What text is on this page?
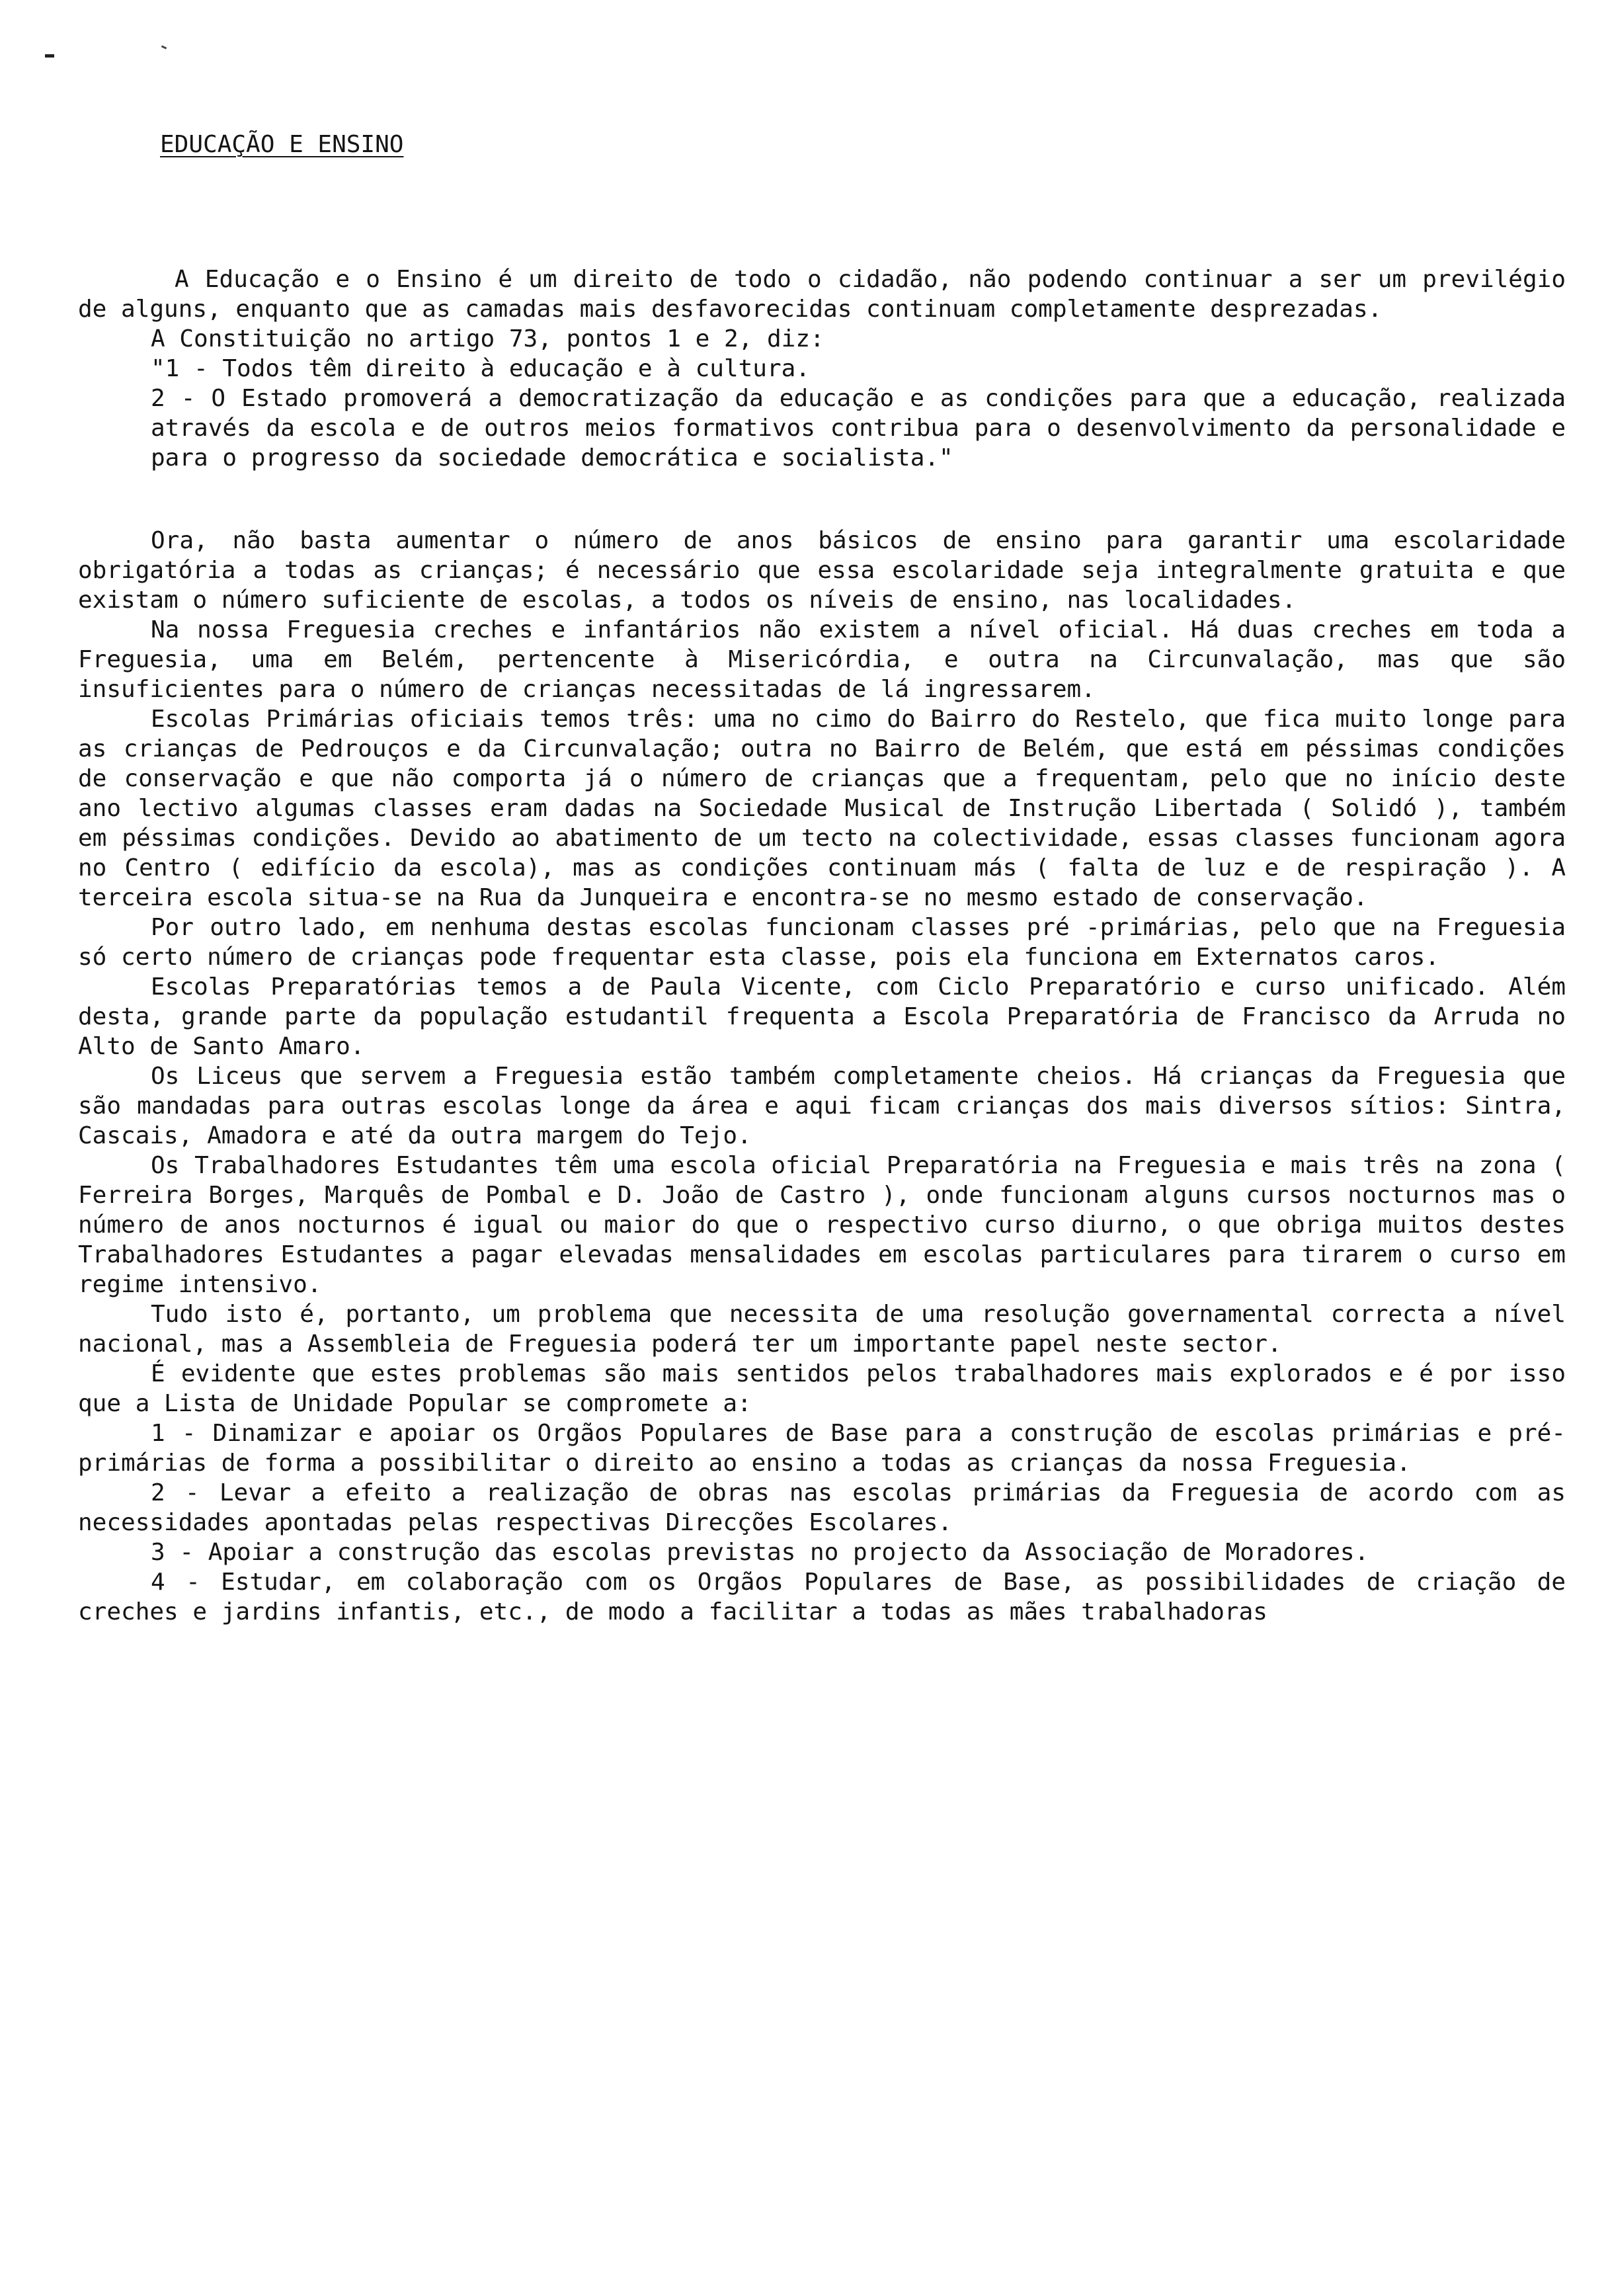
EDUCAÇÃO E ENSINO

A Educação e o Ensino é um direito de todo o cidadão, não podendo continuar a ser um previlégio de alguns, enquanto que as camadas mais desfavorecidas continuam completamente desprezadas.

A Constituição no artigo 73, pontos 1 e 2, diz:

"1 - Todos têm direito à educação e à cultura.

2 - O Estado promoverá a democratização da educação e as condições para que a educação, realizada através da escola e de outros meios formativos contribua para o desenvolvimento da personalidade e para o progresso da sociedade democrática e socialista."

Ora, não basta aumentar o número de anos básicos de ensino para garantir uma escolaridade obrigatória a todas as crianças; é necessário que essa escolaridade seja integralmente gratuita e que existam o número suficiente de escolas, a todos os níveis de ensino, nas localidades.

Na nossa Freguesia creches e infantários não existem a nível oficial. Há duas creches em toda a Freguesia, uma em Belém, pertencente à Misericórdia, e outra na Circunvalação, mas que são insuficientes para o número de crianças necessitadas de lá ingressarem.

Escolas Primárias oficiais temos três: uma no cimo do Bairro do Restelo, que fica muito longe para as crianças de Pedrouços e da Circunvalação; outra no Bairro de Belém, que está em péssimas condições de conservação e que não comporta já o número de crianças que a frequentam, pelo que no início deste ano lectivo algumas classes eram dadas na Sociedade Musical de Instrução Libertada ( Solidó ), também em péssimas condições. Devido ao abatimento de um tecto na colectividade, essas classes funcionam agora no Centro ( edifício da escola), mas as condições continuam más ( falta de luz e de respiração ). A terceira escola situa-se na Rua da Junqueira e encontra-se no mesmo estado de conservação.

Por outro lado, em nenhuma destas escolas funcionam classes pré -primárias, pelo que na Freguesia só certo número de crianças pode frequentar esta classe, pois ela funciona em Externatos caros.

Escolas Preparatórias temos a de Paula Vicente, com Ciclo Preparatório e curso unificado. Além desta, grande parte da população estudantil frequenta a Escola Preparatória de Francisco da Arruda no Alto de Santo Amaro.

Os Liceus que servem a Freguesia estão também completamente cheios. Há crianças da Freguesia que são mandadas para outras escolas longe da área e aqui ficam crianças dos mais diversos sítios: Sintra, Cascais, Amadora e até da outra margem do Tejo.

Os Trabalhadores Estudantes têm uma escola oficial Preparatória na Freguesia e mais três na zona ( Ferreira Borges, Marquês de Pombal e D. João de Castro ), onde funcionam alguns cursos nocturnos mas o número de anos nocturnos é igual ou maior do que o respectivo curso diurno, o que obriga muitos destes Trabalhadores Estudantes a pagar elevadas mensalidades em escolas particulares para tirarem o curso em regime intensivo.

Tudo isto é, portanto, um problema que necessita de uma resolução governamental correcta a nível nacional, mas a Assembleia de Freguesia poderá ter um importante papel neste sector.

É evidente que estes problemas são mais sentidos pelos trabalhadores mais explorados e é por isso que a Lista de Unidade Popular se compromete a:

1 - Dinamizar e apoiar os Orgãos Populares de Base para a construção de escolas primárias e pré-primárias de forma a possibilitar o direito ao ensino a todas as crianças da nossa Freguesia.

2 - Levar a efeito a realização de obras nas escolas primárias da Freguesia de acordo com as necessidades apontadas pelas respectivas Direcções Escolares.

3 - Apoiar a construção das escolas previstas no projecto da Associação de Moradores.

4 - Estudar, em colaboração com os Orgãos Populares de Base, as possibilidades de criação de creches e jardins infantis, etc., de modo a facilitar a todas as mães trabalhadoras
